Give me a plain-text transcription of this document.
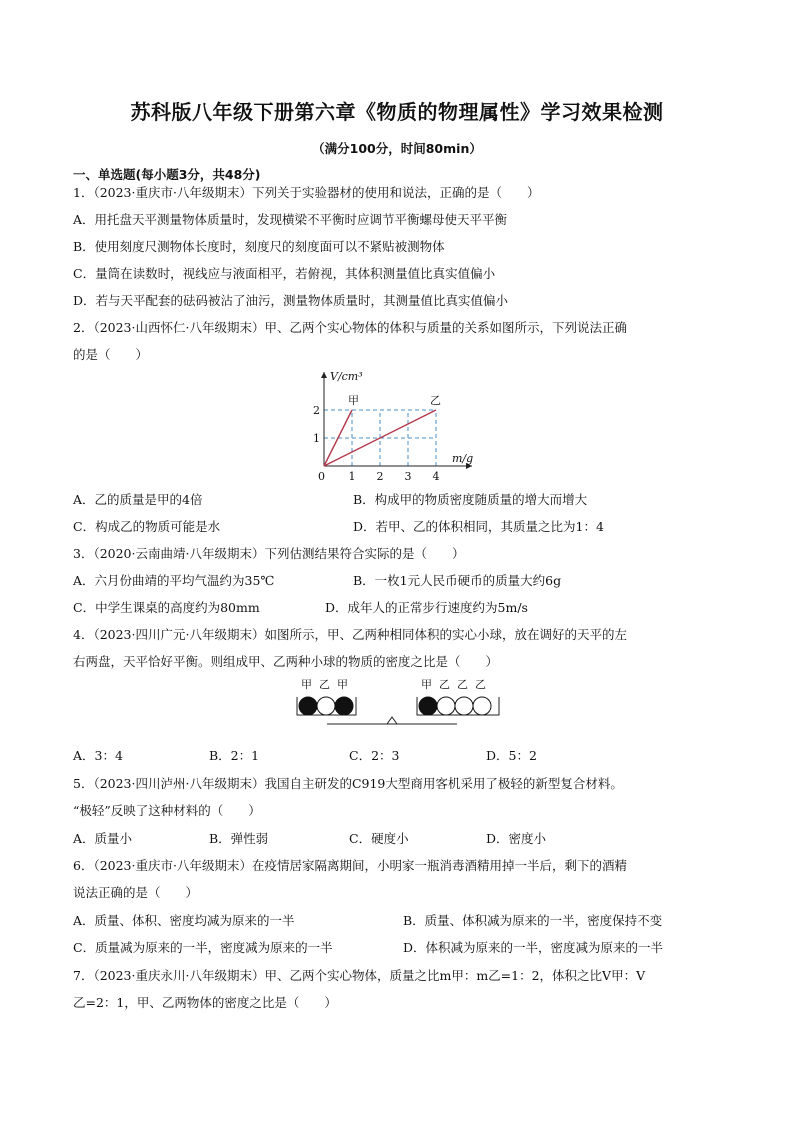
苏科版八年级下册第六章《物质的物理属性》学习效果检测
（满分100分，时间80min）
一、单选题(每小题3分，共48分)
1．（2023·重庆市·八年级期末）下列关于实验器材的使用和说法，正确的是（　　）
A．用托盘天平测量物体质量时，发现横梁不平衡时应调节平衡螺母使天平平衡
B．使用刻度尺测物体长度时，刻度尺的刻度面可以不紧贴被测物体
C．量筒在读数时，视线应与液面相平，若俯视，其体积测量值比真实值偏小
D．若与天平配套的砝码被沾了油污，测量物体质量时，其测量值比真实值偏小
2．（2023·山西怀仁·八年级期末）甲、乙两个实心物体的体积与质量的关系如图所示，下列说法正确
的是（　　）
V/cm³
m/g
0 1 2 3 4
1
2
甲	乙
A．乙的质量是甲的4倍	B．构成甲的物质密度随质量的增大而增大
C．构成乙的物质可能是水	D．若甲、乙的体积相同，其质量之比为1：4
3．（2020·云南曲靖·八年级期末）下列估测结果符合实际的是（　　）
A．六月份曲靖的平均气温约为35℃	B．一枚1元人民币硬币的质量大约6g
C．中学生课桌的高度约为80mm	D．成年人的正常步行速度约为5m/s
4．（2023·四川广元·八年级期末）如图所示，甲、乙两种相同体积的实心小球，放在调好的天平的左
右两盘，天平恰好平衡。则组成甲、乙两种小球的物质的密度之比是（　　）
甲 乙 甲	甲 乙 乙 乙
A．3：4	B．2：1	C．2：3	D．5：2
5．（2023·四川泸州·八年级期末）我国自主研发的C919大型商用客机采用了极轻的新型复合材料。
“极轻”反映了这种材料的（　　）
A．质量小	B．弹性弱	C．硬度小	D．密度小
6．（2023·重庆市·八年级期末）在疫情居家隔离期间，小明家一瓶消毒酒精用掉一半后，剩下的酒精
说法正确的是（　　）
A．质量、体积、密度均减为原来的一半	B．质量、体积减为原来的一半，密度保持不变
C．质量减为原来的一半，密度减为原来的一半	D．体积减为原来的一半，密度减为原来的一半
7．（2023·重庆永川·八年级期末）甲、乙两个实心物体，质量之比m甲：m乙=1：2，体积之比V甲：V
乙=2：1，甲、乙两物体的密度之比是（　　）
